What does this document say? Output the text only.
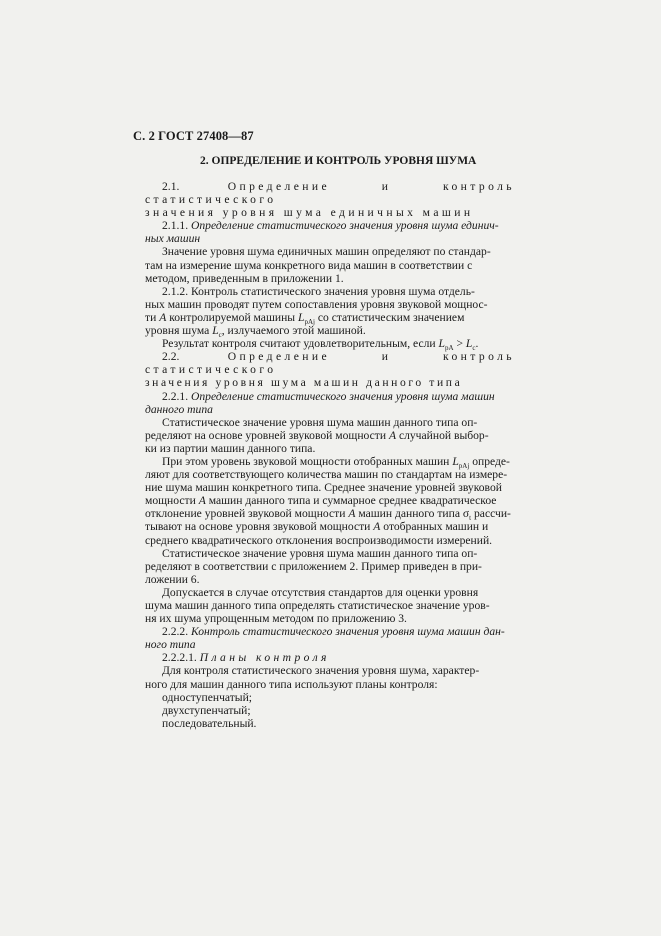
С. 2 ГОСТ 27408—87
2. ОПРЕДЕЛЕНИЕ И КОНТРОЛЬ УРОВНЯ ШУМА

2.1.	Определение и контроль статистического

значения уровня шума единичных машин

2.1.1. Определение статистического значения уровня шума единич-

ных машин

Значение уровня шума единичных машин определяют по стандар-

там на измерение шума конкретного вида машин в соответствии с

методом, приведенным в приложении 1.

2.1.2. Контроль статистического значения уровня шума отдель-

ных машин проводят путем сопоставления уровня звуковой мощнос-

ти A контролируемой машины $L_{pAj}$ со статистическим значением

уровня шума $L_c$, излучаемого этой машиной.

Результат контроля считают удовлетворительным, если $L_{pA} > L_c$.

2.2.	Определение и контроль статистического

значения уровня шума машин данного типа

2.2.1. Определение статистического значения уровня шума машин

данного типа

Статистическое значение уровня шума машин данного типа оп-

ределяют на основе уровней звуковой мощности A случайной выбор-

ки из партии машин данного типа.

При этом уровень звуковой мощности отобранных машин $L_{pAj}$ опреде-

ляют для соответствующего количества машин по стандартам на измере-

ние шума машин конкретного типа. Среднее значение уровней звуковой

мощности A машин данного типа и суммарное среднее квадратическое

отклонение уровней звуковой мощности A машин данного типа $\sigma_t$ рассчи-

тывают на основе уровня звуковой мощности A отобранных машин и

среднего квадратического отклонения воспроизводимости измерений.

Статистическое значение уровня шума машин данного типа оп-

ределяют в соответствии с приложением 2. Пример приведен в при-

ложении 6.

Допускается в случае отсутствия стандартов для оценки уровня

шума машин данного типа определять статистическое значение уров-

ня их шума упрощенным методом по приложению 3.

2.2.2. Контроль статистического значения уровня шума машин дан-

ного типа

2.2.2.1. Планы контроля

Для контроля статистического значения уровня шума, характер-

ного для машин данного типа используют планы контроля:

одноступенчатый;

двухступенчатый;

последовательный.
